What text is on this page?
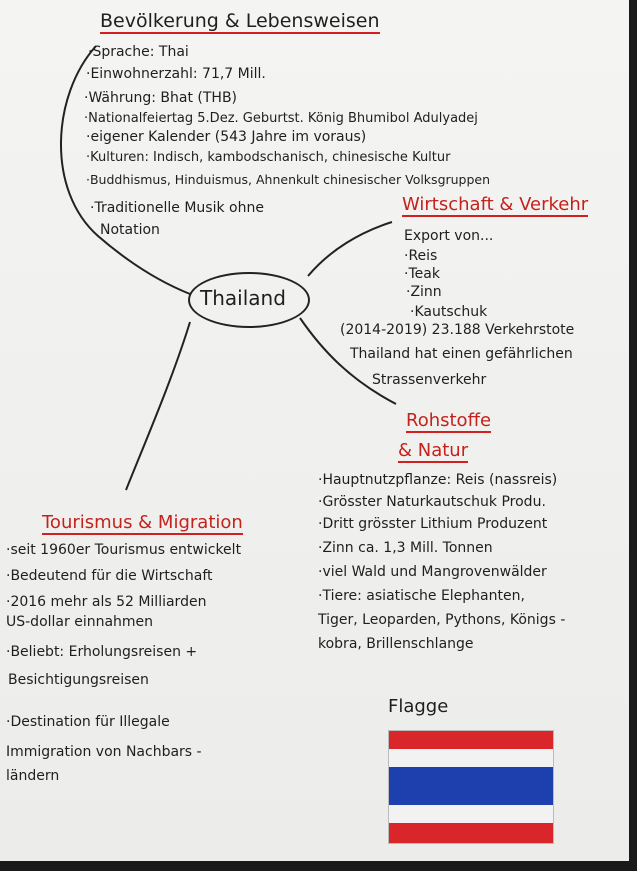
Bevölkerung & Lebensweisen
·Sprache: Thai
·Einwohnerzahl: 71,7 Mill.
·Währung: Bhat (THB)
·Nationalfeiertag 5.Dez. Geburtst. König Bhumibol Adulyadej
·eigener Kalender (543 Jahre im voraus)
·Kulturen: Indisch, kambodschanisch, chinesische Kultur
·Buddhismus, Hinduismus, Ahnenkult chinesischer Volksgruppen
·Traditionelle Musik ohne
Notation
Wirtschaft & Verkehr
Export von...
·Reis
·Teak
·Zinn
·Kautschuk
(2014-2019) 23.188 Verkehrstote
Thailand hat einen gefährlichen
Strassenverkehr
Thailand
Rohstoffe
& Natur
·Hauptnutzpflanze: Reis (nassreis)
·Grösster Naturkautschuk Produ.
·Dritt grösster Lithium Produzent
·Zinn ca. 1,3 Mill. Tonnen
·viel Wald und Mangrovenwälder
·Tiere: asiatische Elephanten,
Tiger, Leoparden, Pythons, Königs -
kobra, Brillenschlange
Tourismus & Migration
·seit 1960er Tourismus entwickelt
·Bedeutend für die Wirtschaft
·2016 mehr als 52 Milliarden
US-dollar einnahmen
·Beliebt: Erholungsreisen +
Besichtigungsreisen
·Destination für Illegale
Immigration von Nachbars -
ländern
Flagge
